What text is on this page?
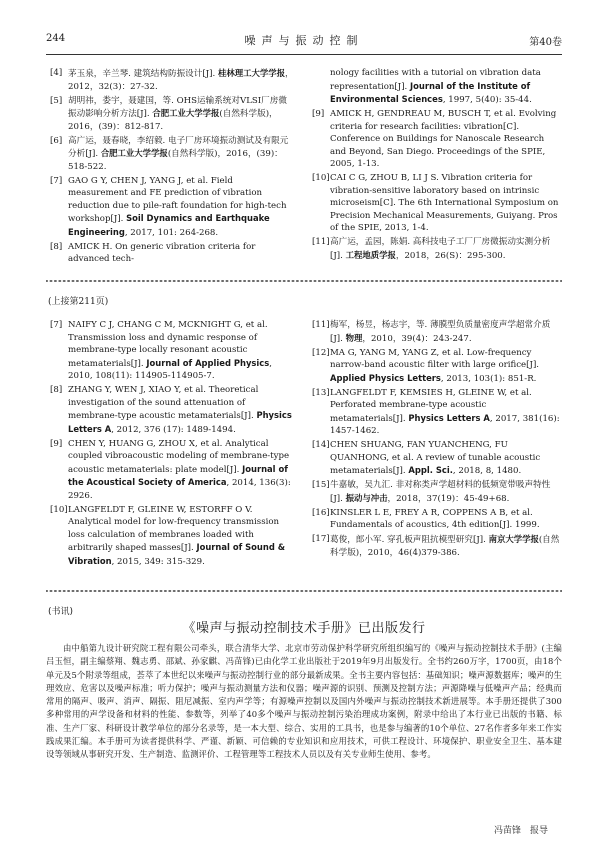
244	噪声与振动控制	第40卷
[4] 茅玉泉，辛兰琴. 建筑结构防振设计[J]. 桂林理工大学学报，2012，32(3)：27-32.
[5] 胡明祎，娄宇，聂建国，等. OHS运输系统对VLSI厂房微振动影响分析方法[J]. 合肥工业大学学报(自然科学版)，2016，(39)：812-817.
[6] 高广运，聂春晓，李绍毅. 电子厂房环境振动测试及有限元分析[J]. 合肥工业大学学报(自然科学版)，2016，(39)：518-522.
[7] GAO G Y, CHEN J, YANG J, et al. Field measurement and FE prediction of vibration reduction due to pile-raft foundation for high-tech workshop[J]. Soil Dynamics and Earthquake Engineering, 2017, 101: 264-268.
[8] AMICK H. On generic vibration criteria for advanced tech-
nology facilities with a tutorial on vibration data representation[J]. Journal of the Institute of Environmental Sciences, 1997, 5(40): 35-44.
[9] AMICK H, GENDREAU M, BUSCH T, et al. Evolving criteria for research facilities: vibration[C]. Conference on Buildings for Nanoscale Research and Beyond, San Diego. Proceedings of the SPIE, 2005, 1-13.
[10] CAI C G, ZHOU B, LI J S. Vibration criteria for vibration-sensitive laboratory based on intrinsic microseism[C]. The 6th International Symposium on Precision Mechanical Measurements, Guiyang. Pros of the SPIE, 2013, 1-4.
[11] 高广运，孟园，陈娟. 高科技电子工厂厂房微振动实测分析[J]. 工程地质学报，2018，26(S)：295-300.
(上接第211页)
[7] NAIFY C J, CHANG C M, MCKNIGHT G, et al. Transmission loss and dynamic response of membrane-type locally resonant acoustic metamaterials[J]. Journal of Applied Physics, 2010, 108(11): 114905-114905-7.
[8] ZHANG Y, WEN J, XIAO Y, et al. Theoretical investigation of the sound attenuation of membrane-type acoustic metamaterials[J]. Physics Letters A, 2012, 376 (17): 1489-1494.
[9] CHEN Y, HUANG G, ZHOU X, et al. Analytical coupled vibroacoustic modeling of membrane-type acoustic metamaterials: plate model[J]. Journal of the Acoustical Society of America, 2014, 136(3): 2926.
[10] LANGFELDT F, GLEINE W, ESTORFF O V. Analytical model for low-frequency transmission loss calculation of membranes loaded with arbitrarily shaped masses[J]. Journal of Sound & Vibration, 2015, 349: 315-329.
[11] 梅军，杨昱，杨志宇，等. 薄膜型负质量密度声学超常介质[J]. 物理，2010，39(4)：243-247.
[12] MA G, YANG M, YANG Z, et al. Low-frequency narrow-band acoustic filter with large orifice[J]. Applied Physics Letters, 2013, 103(1): 851-R.
[13] LANGFELDT F, KEMSIES H, GLEINE W, et al. Perforated membrane-type acoustic metamaterials[J]. Physics Letters A, 2017, 381(16): 1457-1462.
[14] CHEN SHUANG, FAN YUANCHENG, FU QUANHONG, et al. A review of tunable acoustic metamaterials[J]. Appl. Sci., 2018, 8, 1480.
[15] 牛嘉敏，吴九汇. 非对称类声学超材料的低频宽带吸声特性[J]. 振动与冲击，2018，37(19)：45-49+68.
[16] KINSLER L E, FREY A R, COPPENS A B, et al. Fundamentals of acoustics, 4th edition[J]. 1999.
[17] 葛俊，郎小军. 穿孔板声阻抗模型研究[J]. 南京大学学报(自然科学版)，2010，46(4)379-386.
(书讯)
《噪声与振动控制技术手册》已出版发行
由中船第九设计研究院工程有限公司牵头，联合清华大学、北京市劳动保护科学研究所组织编写的《噪声与振动控制技术手册》(主编吕玉恒，副主编蔡翔、魏志勇、邵斌、孙家麒、冯苗锋)已由化学工业出版社于2019年9月出版发行。全书约260万字，1700页，由18个单元及5个附录等组成，荟萃了本世纪以来噪声与振动控制行业的部分最新成果。全书主要内容包括：基础知识；噪声源数据库；噪声的生理效应、危害以及噪声标准；听力保护；噪声与振动测量方法和仪器；噪声源的识别、预测及控制方法；声源降噪与低噪声产品；经典而常用的隔声、吸声、消声、隔振、阻尼减振、室内声学等；有源噪声控制以及国内外噪声与振动控制技术新进展等。本手册还提供了300多种常用的声学设备和材料的性能、参数等，列举了40多个噪声与振动控制污染治理成功案例，附录中给出了本行业已出版的书籍、标准、生产厂家、科研设计教学单位的部分名录等，是一本大型、综合、实用的工具书，也是参与编著的10个单位、27名作者多年来工作实践成果汇编。本手册可为读者提供科学、严谨、新颖、可信赖的专业知识和应用技术，可供工程设计、环境保护、职业安全卫生、基本建设等领域从事研究开发、生产制造、监测评价、工程管理等工程技术人员以及有关专业师生使用、参考。
冯苗锋　报导
